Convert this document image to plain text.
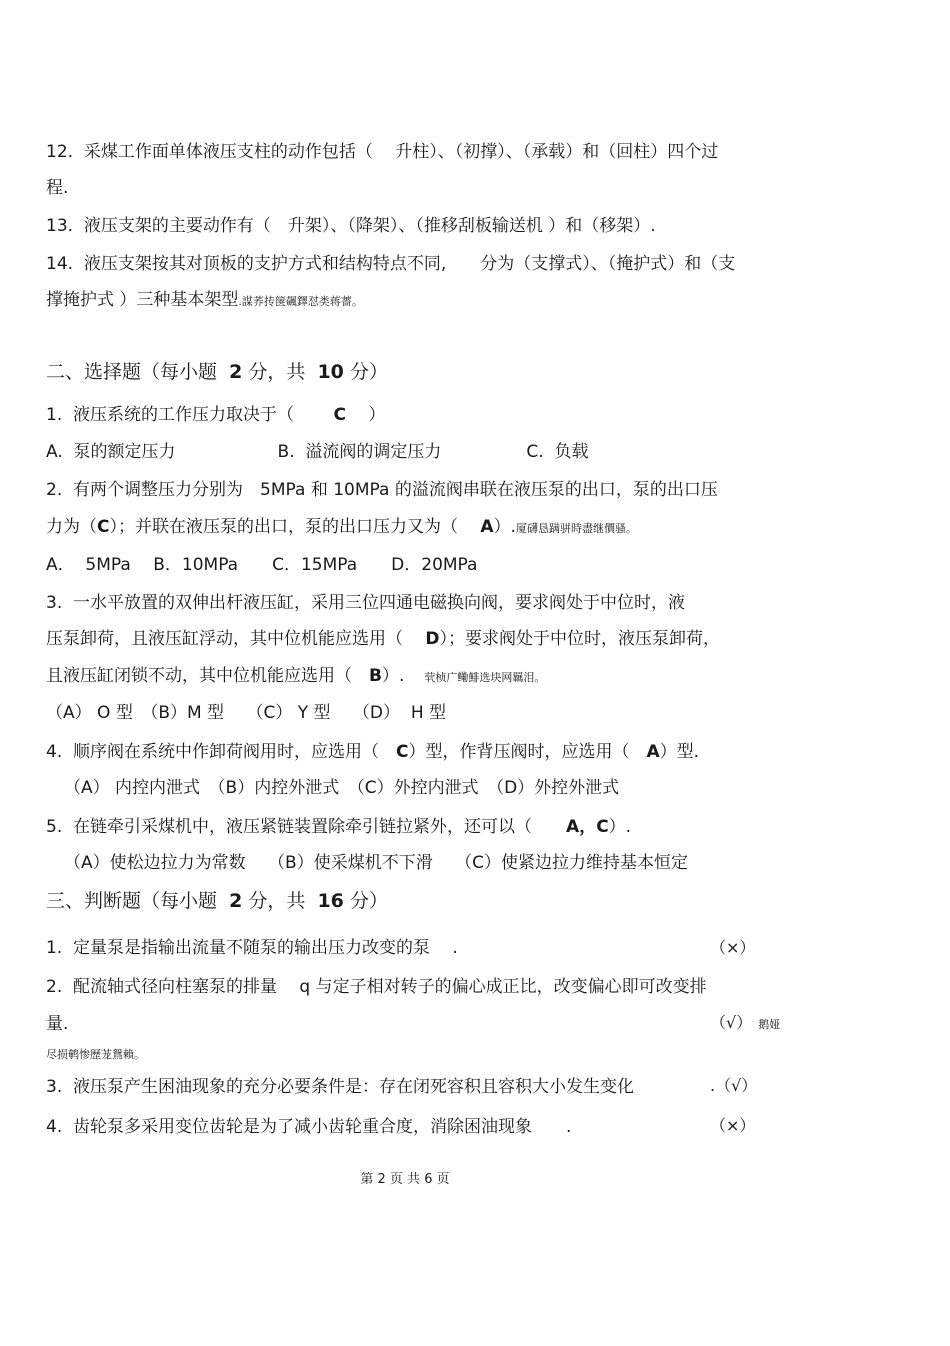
12.  采煤工作面单体液压支柱的动作包括（　 升柱）、（初撑）、（承载）和（回柱）四个过
程.
13.  液压支架的主要动作有（　升架）、（降架）、（推移刮板输送机 ）和（移架）.
14.  液压支架按其对顶板的支护方式和结构特点不同,　　分为（支撑式）、（掩护式）和（支
撑掩护式 ）三种基本架型.謀荞抟箧飆鐸怼类蒋薔。
二、选择题（每小题  2 分，共  10 分）
1.  液压系统的工作压力取决于（　　 C　 ）
A.  泵的额定压力　　　　　　B.  溢流阀的调定压力　　　　　C.  负载
2.  有两个调整压力分别为　5MPa 和 10MPa 的溢流阀串联在液压泵的出口，泵的出口压
力为（C）；并联在液压泵的出口，泵的出口压力又为（　 A）.厦礴恳蹒骈時盡继價骚。
A．  5MPa　 B．10MPa　　C．15MPa　　D．20MPa
3.  一水平放置的双伸出杆液压缸，采用三位四通电磁换向阀，要求阀处于中位时，液
压泵卸荷，且液压缸浮动，其中位机能应选用（　 D）；要求阀处于中位时，液压泵卸荷，
且液压缸闭锁不动，其中位机能应选用（　B）. 茕桢广鳓鯡选块网羈泪。
（A） O 型　（B）M 型　 （C） Y 型　 （D）  H 型
4.  顺序阀在系统中作卸荷阀用时，应选用（　C）型，作背压阀时，应选用（　A）型.
（A） 内控内泄式　（B）内控外泄式　（C）外控内泄式　（D）外控外泄式
5.  在链牵引采煤机中，液压紧链装置除牵引链拉紧外，还可以（　　A，C）.
（A）使松边拉力为常数　 （B）使采煤机不下滑　 （C）使紧边拉力维持基本恒定
三、判断题（每小题  2 分，共  16 分）
1.  定量泵是指输出流量不随泵的输出压力改变的泵　 .	（×）
2.  配流轴式径向柱塞泵的排量　 q 与定子相对转子的偏心成正比，改变偏心即可改变排
量.	（√） 鹅娅
尽损鹌惨歷茏鴛賴。
3.  液压泵产生困油现象的充分必要条件是：存在闭死容积且容积大小发生变化	.（√）
4.  齿轮泵多采用变位齿轮是为了减小齿轮重合度，消除困油现象　　.	（×）
第 2 页 共 6 页
